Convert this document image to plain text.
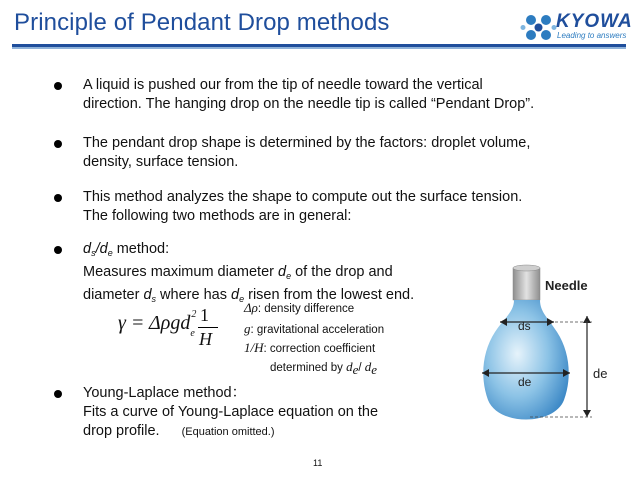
Principle of Pendant Drop methods	KYOWA
Leading to answers
A liquid is pushed our from the tip of needle toward the vertical
direction. The hanging drop on the needle tip is called “Pendant Drop”.
The pendant drop shape is determined by the factors: droplet volume,
density, surface tension.
This method analyzes the shape to compute out the surface tension.
The following two methods are in general:
$d_s/d_e$ method:
Measures maximum diameter $d_e$ of the drop and
diameter $d_s$ where has $d_e$ risen from the lowest end.
γ = Δρgd$^2_e$
1
H
Δρ: density difference
g: gravitational acceleration
1/H: correction coefficient
determined by $d_e/$ $d_e$
Young-Laplace method：
Fits a curve of Young-Laplace equation on the
drop profile. (Equation omitted.)
Needle
ds
de
de
11
